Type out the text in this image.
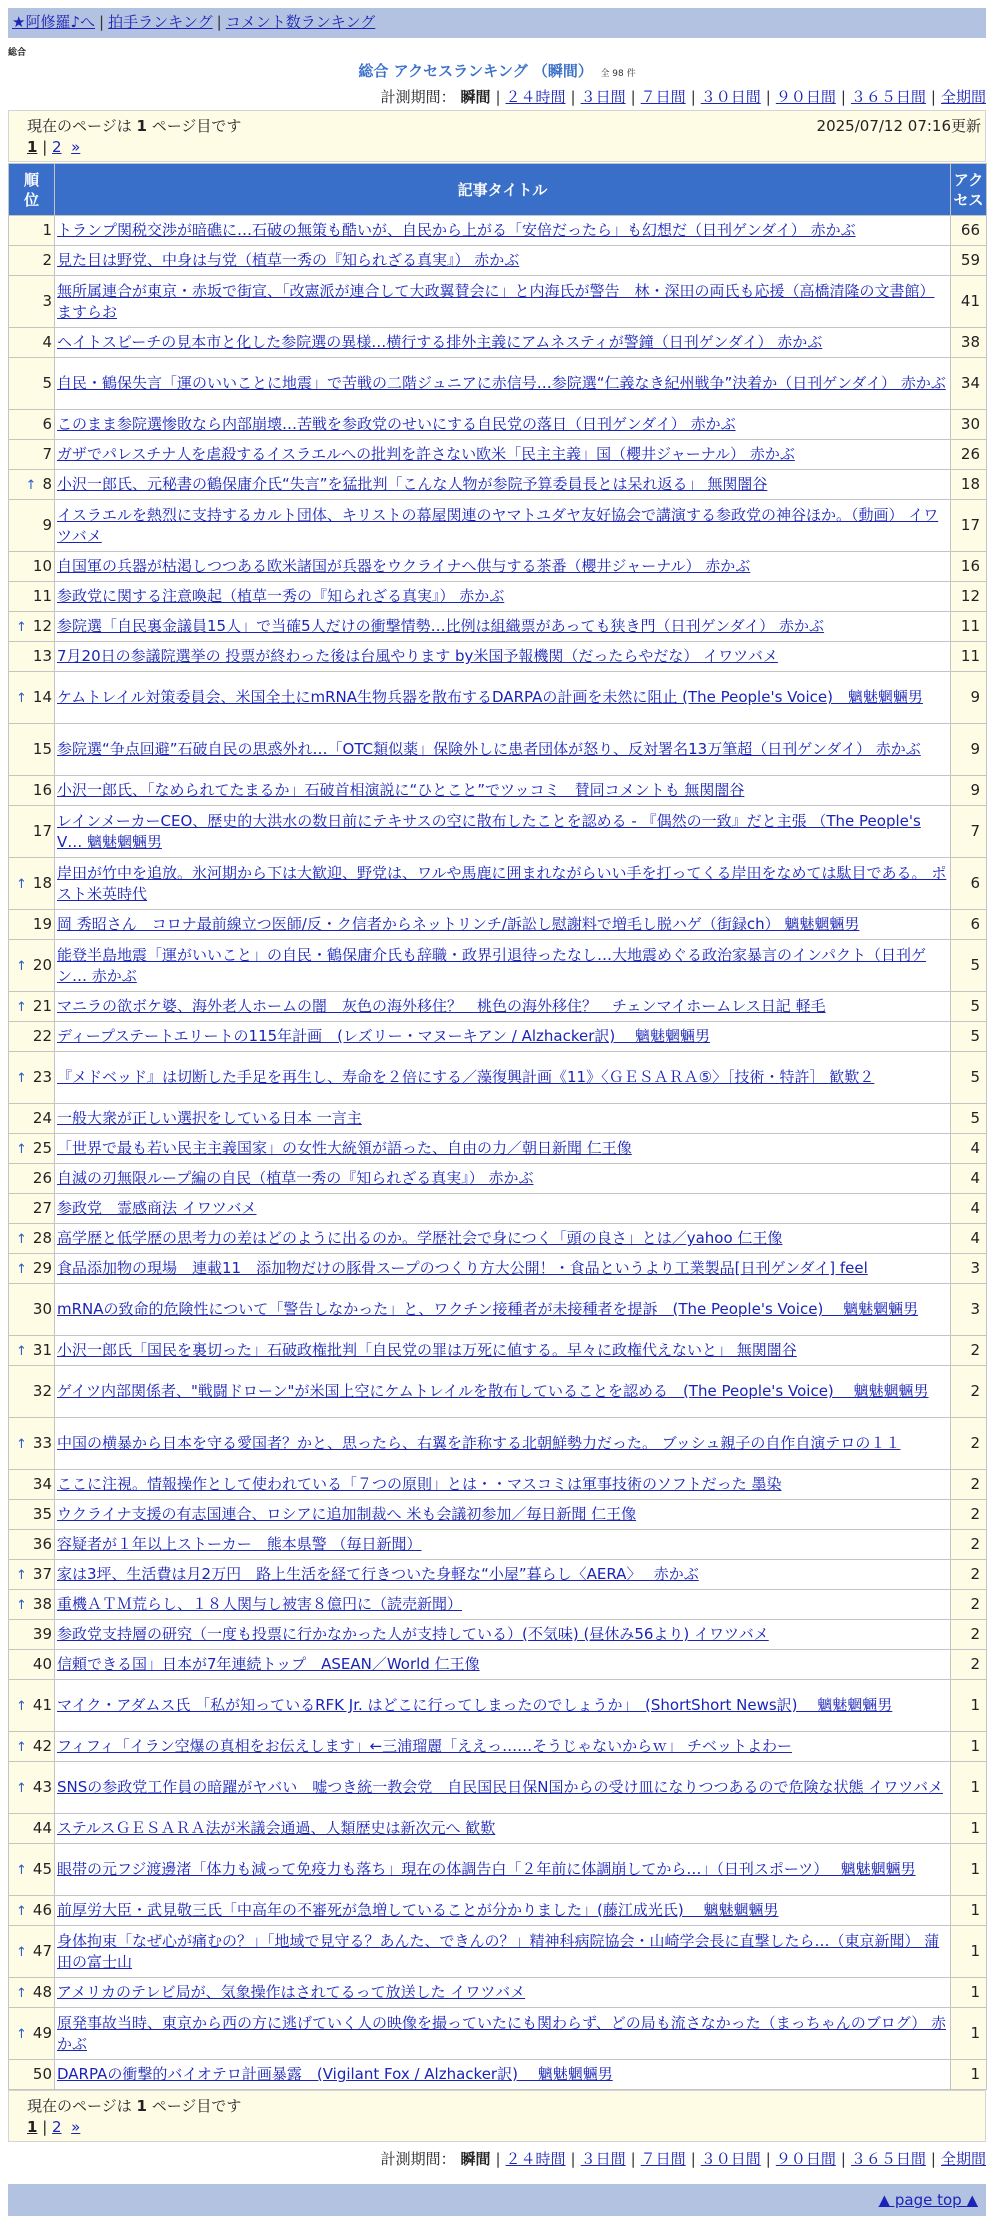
★阿修羅♪へ | 拍手ランキング | コメント数ランキング
総合
総合 アクセスランキング （瞬間）　 全 98 件
計測期間： 瞬間 | ２４時間 | ３日間 | ７日間 | ３０日間 | ９０日間 | ３６５日間 | 全期間
現在のページは 1 ページ目です	2025/07/12 07:16更新
1 | 2 »
順位	記事タイトル	アクセス
1	トランプ関税交渉が暗礁に…石破の無策も酷いが、自民から上がる「安倍だったら」も幻想だ（日刊ゲンダイ） 赤かぶ	66
2	見た目は野党、中身は与党（植草一秀の『知られざる真実』） 赤かぶ	59
3	無所属連合が東京・赤坂で街宣、「改憲派が連合して大政翼賛会に」と内海氏が警告　林・深田の両氏も応援（高橋清隆の文書館） ますらお	41
4	ヘイトスピーチの見本市と化した参院選の異様…横行する排外主義にアムネスティが警鐘（日刊ゲンダイ） 赤かぶ	38
5	自民・鶴保失言「運のいいことに地震」で苦戦の二階ジュニアに赤信号…参院選“仁義なき紀州戦争”決着か（日刊ゲンダイ） 赤かぶ	34
6	このまま参院選惨敗なら内部崩壊…苦戦を参政党のせいにする自民党の落日（日刊ゲンダイ） 赤かぶ	30
7	ガザでパレスチナ人を虐殺するイスラエルへの批判を許さない欧米「民主主義」国（櫻井ジャーナル） 赤かぶ	26
↑ 8	小沢一郎氏、元秘書の鶴保庸介氏“失言”を猛批判「こんな人物が参院予算委員長とは呆れ返る」 無関闇谷	18
9	イスラエルを熱烈に支持するカルト団体、キリストの幕屋関連のヤマトユダヤ友好協会で講演する参政党の神谷ほか。（動画） イワツバメ	17
10	自国軍の兵器が枯渇しつつある欧米諸国が兵器をウクライナへ供与する茶番（櫻井ジャーナル） 赤かぶ	16
11	参政党に関する注意喚起（植草一秀の『知られざる真実』） 赤かぶ	12
↑ 12	参院選「自民裏金議員15人」で当確5人だけの衝撃情勢…比例は組織票があっても狭き門（日刊ゲンダイ） 赤かぶ	11
13	7月20日の参議院選挙の 投票が終わった後は台風やります by米国予報機関（だったらやだな） イワツバメ	11
↑ 14	ケムトレイル対策委員会、米国全土にmRNA生物兵器を散布するDARPAの計画を未然に阻止 (The People's Voice)　魑魅魍魎男	9
15	参院選“争点回避”石破自民の思惑外れ…「OTC類似薬」保険外しに患者団体が怒り、反対署名13万筆超（日刊ゲンダイ） 赤かぶ	9
16	小沢一郎氏、「なめられてたまるか」石破首相演説に“ひとこと”でツッコミ　賛同コメントも 無関闇谷	9
17	レインメーカーCEO、歴史的大洪水の数日前にテキサスの空に散布したことを認める - 『偶然の一致』だと主張 （The People's V… 魑魅魍魎男	7
↑ 18	岸田が竹中を追放。氷河期から下は大歓迎、野党は、ワルや馬鹿に囲まれながらいい手を打ってくる岸田をなめては駄目である。 ポスト米英時代	6
19	岡 秀昭さん　コロナ最前線立つ医師/反・ク信者からネットリンチ/訴訟し慰謝料で増毛し脱ハゲ（街録ch） 魑魅魍魎男	6
↑ 20	能登半島地震「運がいいこと」の自民・鶴保庸介氏も辞職・政界引退待ったなし…大地震めぐる政治家暴言のインパクト（日刊ゲン… 赤かぶ	5
↑ 21	マニラの欲ボケ婆、海外老人ホームの闇　灰色の海外移住？　桃色の海外移住？　チェンマイホームレス日記 軽毛	5
22	ディープステートエリートの115年計画　(レズリー・マヌーキアン / Alzhacker訳)　 魑魅魍魎男	5
↑ 23	『メドベッド』は切断した手足を再生し、寿命を２倍にする／藻復興計画《11》〈ＧＥＳＡＲＡ⑤〉［技術・特許］ 歓歎２	5
24	一般大衆が正しい選択をしている日本 一言主	5
↑ 25	「世界で最も若い民主主義国家」の女性大統領が語った、自由の力／朝日新聞 仁王像	4
26	自滅の刃無限ループ編の自民（植草一秀の『知られざる真実』） 赤かぶ	4
27	参政党　霊感商法 イワツバメ	4
↑ 28	高学歴と低学歴の思考力の差はどのように出るのか。学歴社会で身につく「頭の良さ」とは／yahoo 仁王像	4
↑ 29	食品添加物の現場　連載11　添加物だけの豚骨スープのつくり方大公開！・食品というより工業製品[日刊ゲンダイ] feel	3
30	mRNAの致命的危険性について「警告しなかった」と、ワクチン接種者が未接種者を提訴　(The People's Voice)　 魑魅魍魎男	3
↑ 31	小沢一郎氏「国民を裏切った」石破政権批判「自民党の罪は万死に値する。早々に政権代えないと」 無関闇谷	2
32	ゲイツ内部関係者、"戦闘ドローン"が米国上空にケムトレイルを散布していることを認める　(The People's Voice)　 魑魅魍魎男	2
↑ 33	中国の横暴から日本を守る愛国者？かと、思ったら、右翼を詐称する北朝鮮勢力だった。 ブッシュ親子の自作自演テロの１１	2
34	ここに注視。情報操作として使われている「７つの原則」とは・・マスコミは軍事技術のソフトだった 墨染	2
35	ウクライナ支援の有志国連合、ロシアに追加制裁へ 米も会議初参加／毎日新聞 仁王像	2
36	容疑者が１年以上ストーカー　熊本県警 （毎日新聞）	2
↑ 37	家は3坪、生活費は月2万円　路上生活を経て行きついた身軽な“小屋”暮らし〈AERA〉　 赤かぶ	2
↑ 38	重機ＡＴＭ荒らし、１８人関与し被害８億円に（読売新聞）	2
39	参政党支持層の研究（一度も投票に行かなかった人が支持している）(不気味) (昼休み56より) イワツバメ	2
40	信頼できる国」日本が7年連続トップ　ASEAN／World 仁王像	2
↑ 41	マイク・アダムス氏 「私が知っているRFK Jr. はどこに行ってしまったのでしょうか」　(ShortShort News訳)　 魑魅魍魎男	1
↑ 42	フィフィ「イラン空爆の真相をお伝えします」←三浦瑠麗「ええっ……そうじゃないからｗ」 チベットよわー	1
↑ 43	SNSの参政党工作員の暗躍がヤバい　嘘つき統一教会党　自民国民日保N国からの受け皿になりつつあるので危険な状態 イワツバメ	1
44	ステルスＧＥＳＡＲＡ法が米議会通過、人類歴史は新次元へ 歓歎	1
↑ 45	眼帯の元フジ渡邊渚「体力も減って免疫力も落ち」現在の体調告白「２年前に体調崩してから…」（日刊スポーツ）　 魑魅魍魎男	1
↑ 46	前厚労大臣・武見敬三氏「中高年の不審死が急増していることが分かりました」(藤江成光氏)　 魑魅魍魎男	1
↑ 47	身体拘束「なぜ心が痛むの？」「地域で見守る？あんた、できんの？」精神科病院協会・山崎学会長に直撃したら…（東京新聞） 蒲田の富士山	1
↑ 48	アメリカのテレビ局が、気象操作はされてるって放送した イワツバメ	1
↑ 49	原発事故当時、東京から西の方に逃げていく人の映像を撮っていたにも関わらず、どの局も流さなかった（まっちゃんのブログ） 赤かぶ	1
50	DARPAの衝撃的バイオテロ計画暴露　(Vigilant Fox / Alzhacker訳)　 魑魅魍魎男	1
現在のページは 1 ページ目です
1 | 2 »
計測期間： 瞬間 | ２４時間 | ３日間 | ７日間 | ３０日間 | ９０日間 | ３６５日間 | 全期間
▲ page top ▲
